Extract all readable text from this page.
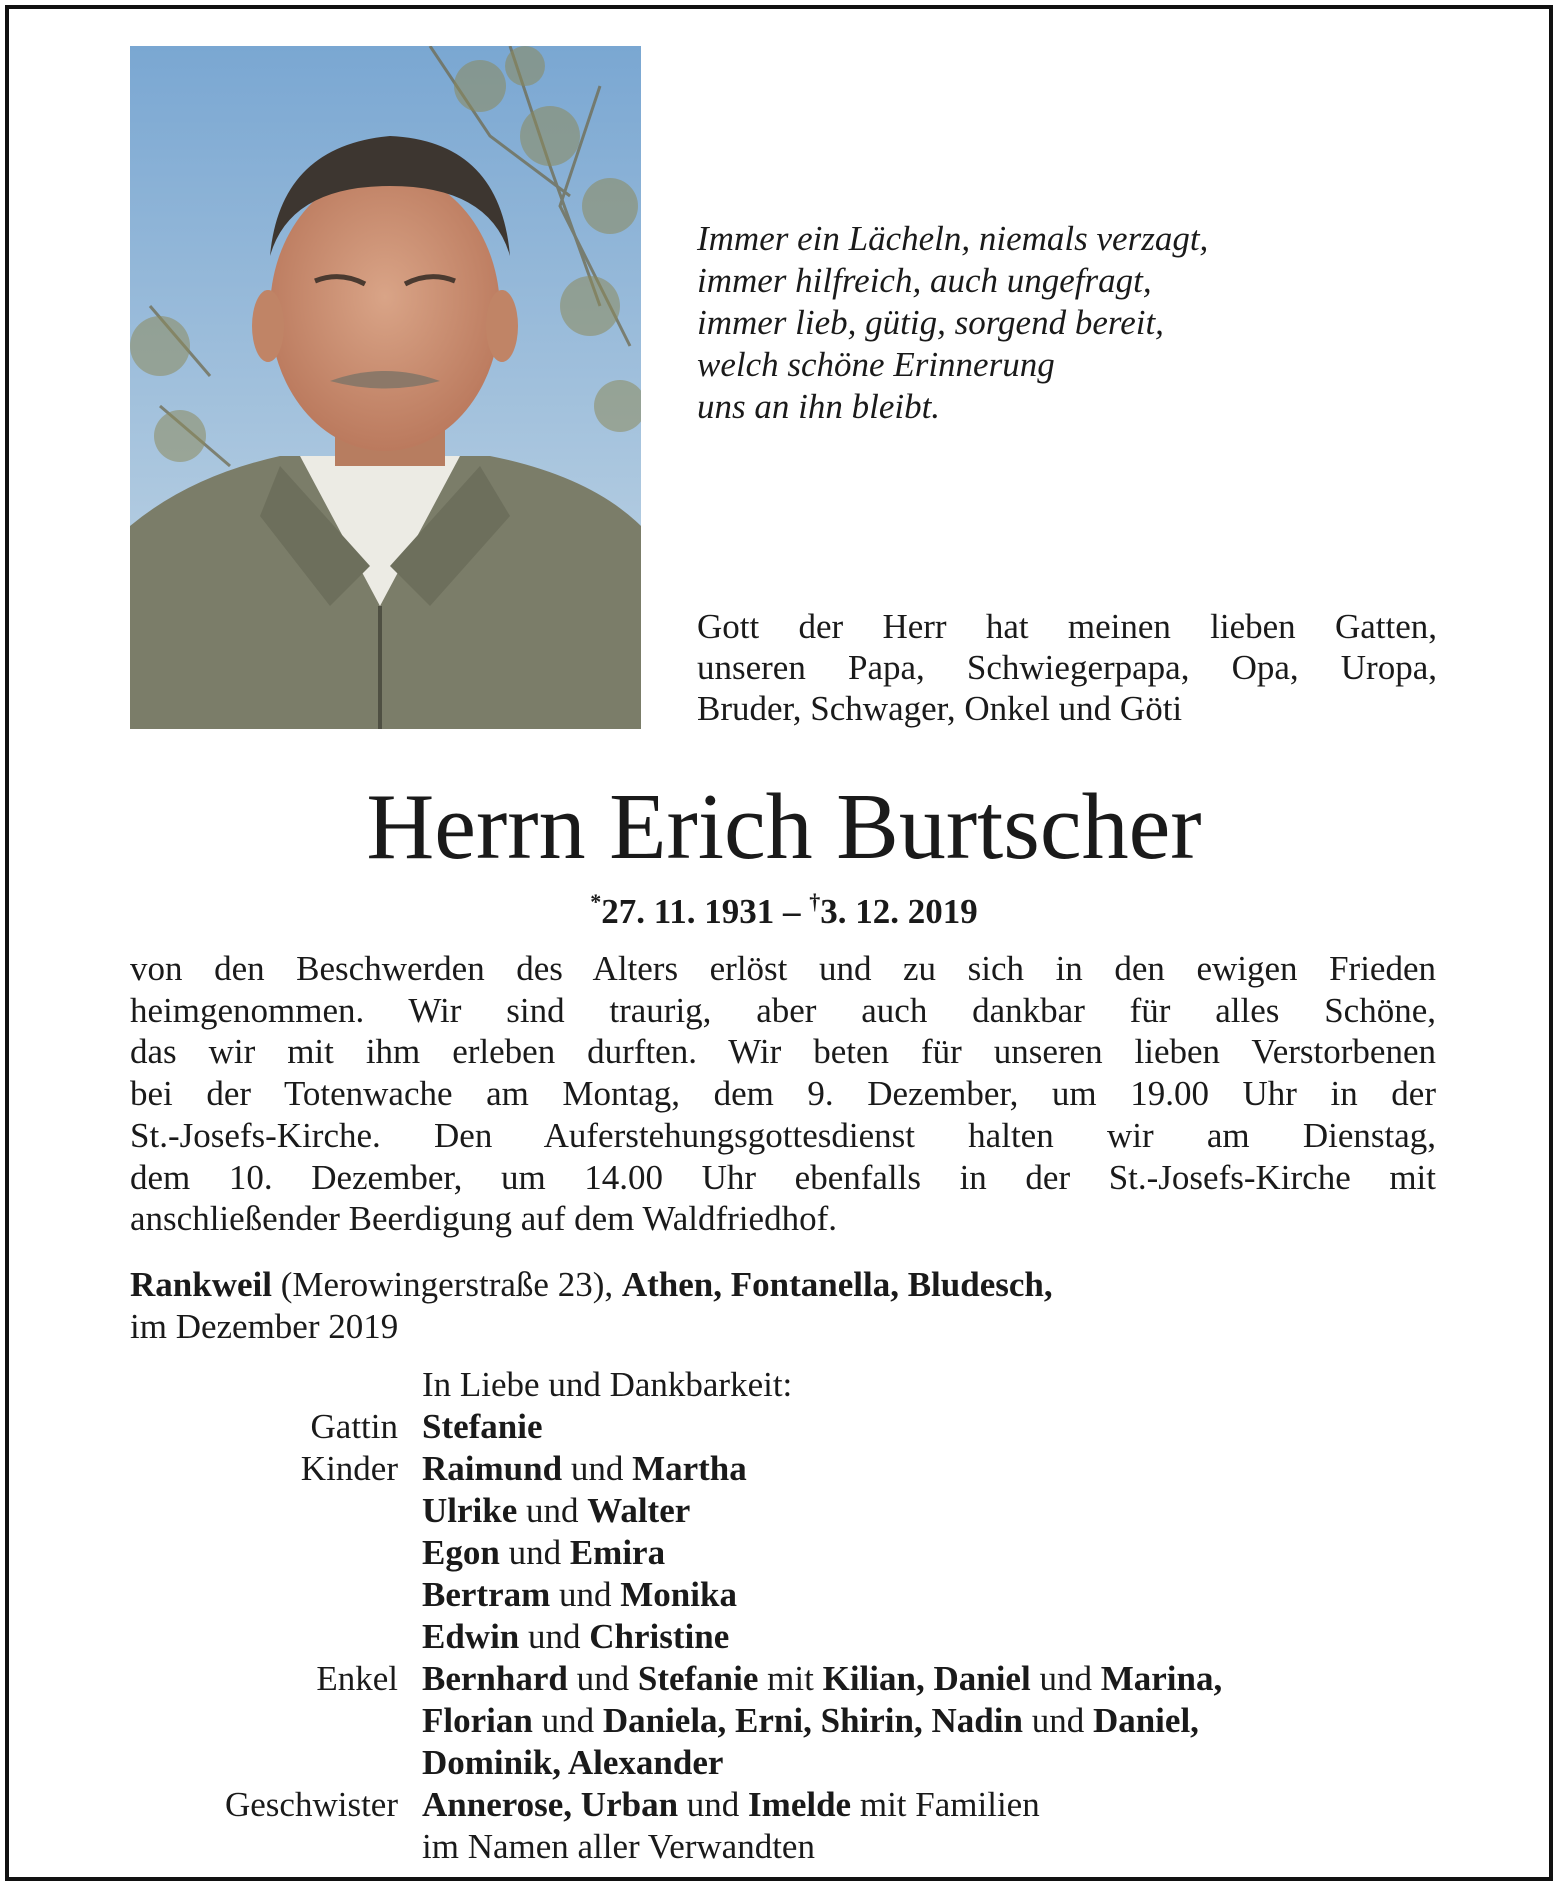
Immer ein Lächeln, niemals verzagt,
immer hilfreich, auch ungefragt,
immer lieb, gütig, sorgend bereit,
welch schöne Erinnerung
uns an ihn bleibt.
Gott der Herr hat meinen lieben Gatten,
unseren Papa, Schwiegerpapa, Opa, Uropa,
Bruder, Schwager, Onkel und Göti
Herrn Erich Burtscher
*27. 11. 1931 – †3. 12. 2019
von den Beschwerden des Alters erlöst und zu sich in den ewigen Frieden
heimgenommen. Wir sind traurig, aber auch dankbar für alles Schöne,
das wir mit ihm erleben durften. Wir beten für unseren lieben Verstorbenen
bei der Totenwache am Montag, dem 9. Dezember, um 19.00 Uhr in der
St.-Josefs-Kirche. Den Auferstehungsgottesdienst halten wir am Dienstag,
dem 10. Dezember, um 14.00 Uhr ebenfalls in der St.-Josefs-Kirche mit
anschließender Beerdigung auf dem Waldfriedhof.
Rankweil (Merowingerstraße 23), Athen, Fontanella, Bludesch,
im Dezember 2019
In Liebe und Dankbarkeit:
Gattin Stefanie
Kinder Raimund und Martha
Ulrike und Walter
Egon und Emira
Bertram und Monika
Edwin und Christine
Enkel Bernhard und Stefanie mit Kilian, Daniel und Marina,
Florian und Daniela, Erni, Shirin, Nadin und Daniel,
Dominik, Alexander
Geschwister Annerose, Urban und Imelde mit Familien
im Namen aller Verwandten
